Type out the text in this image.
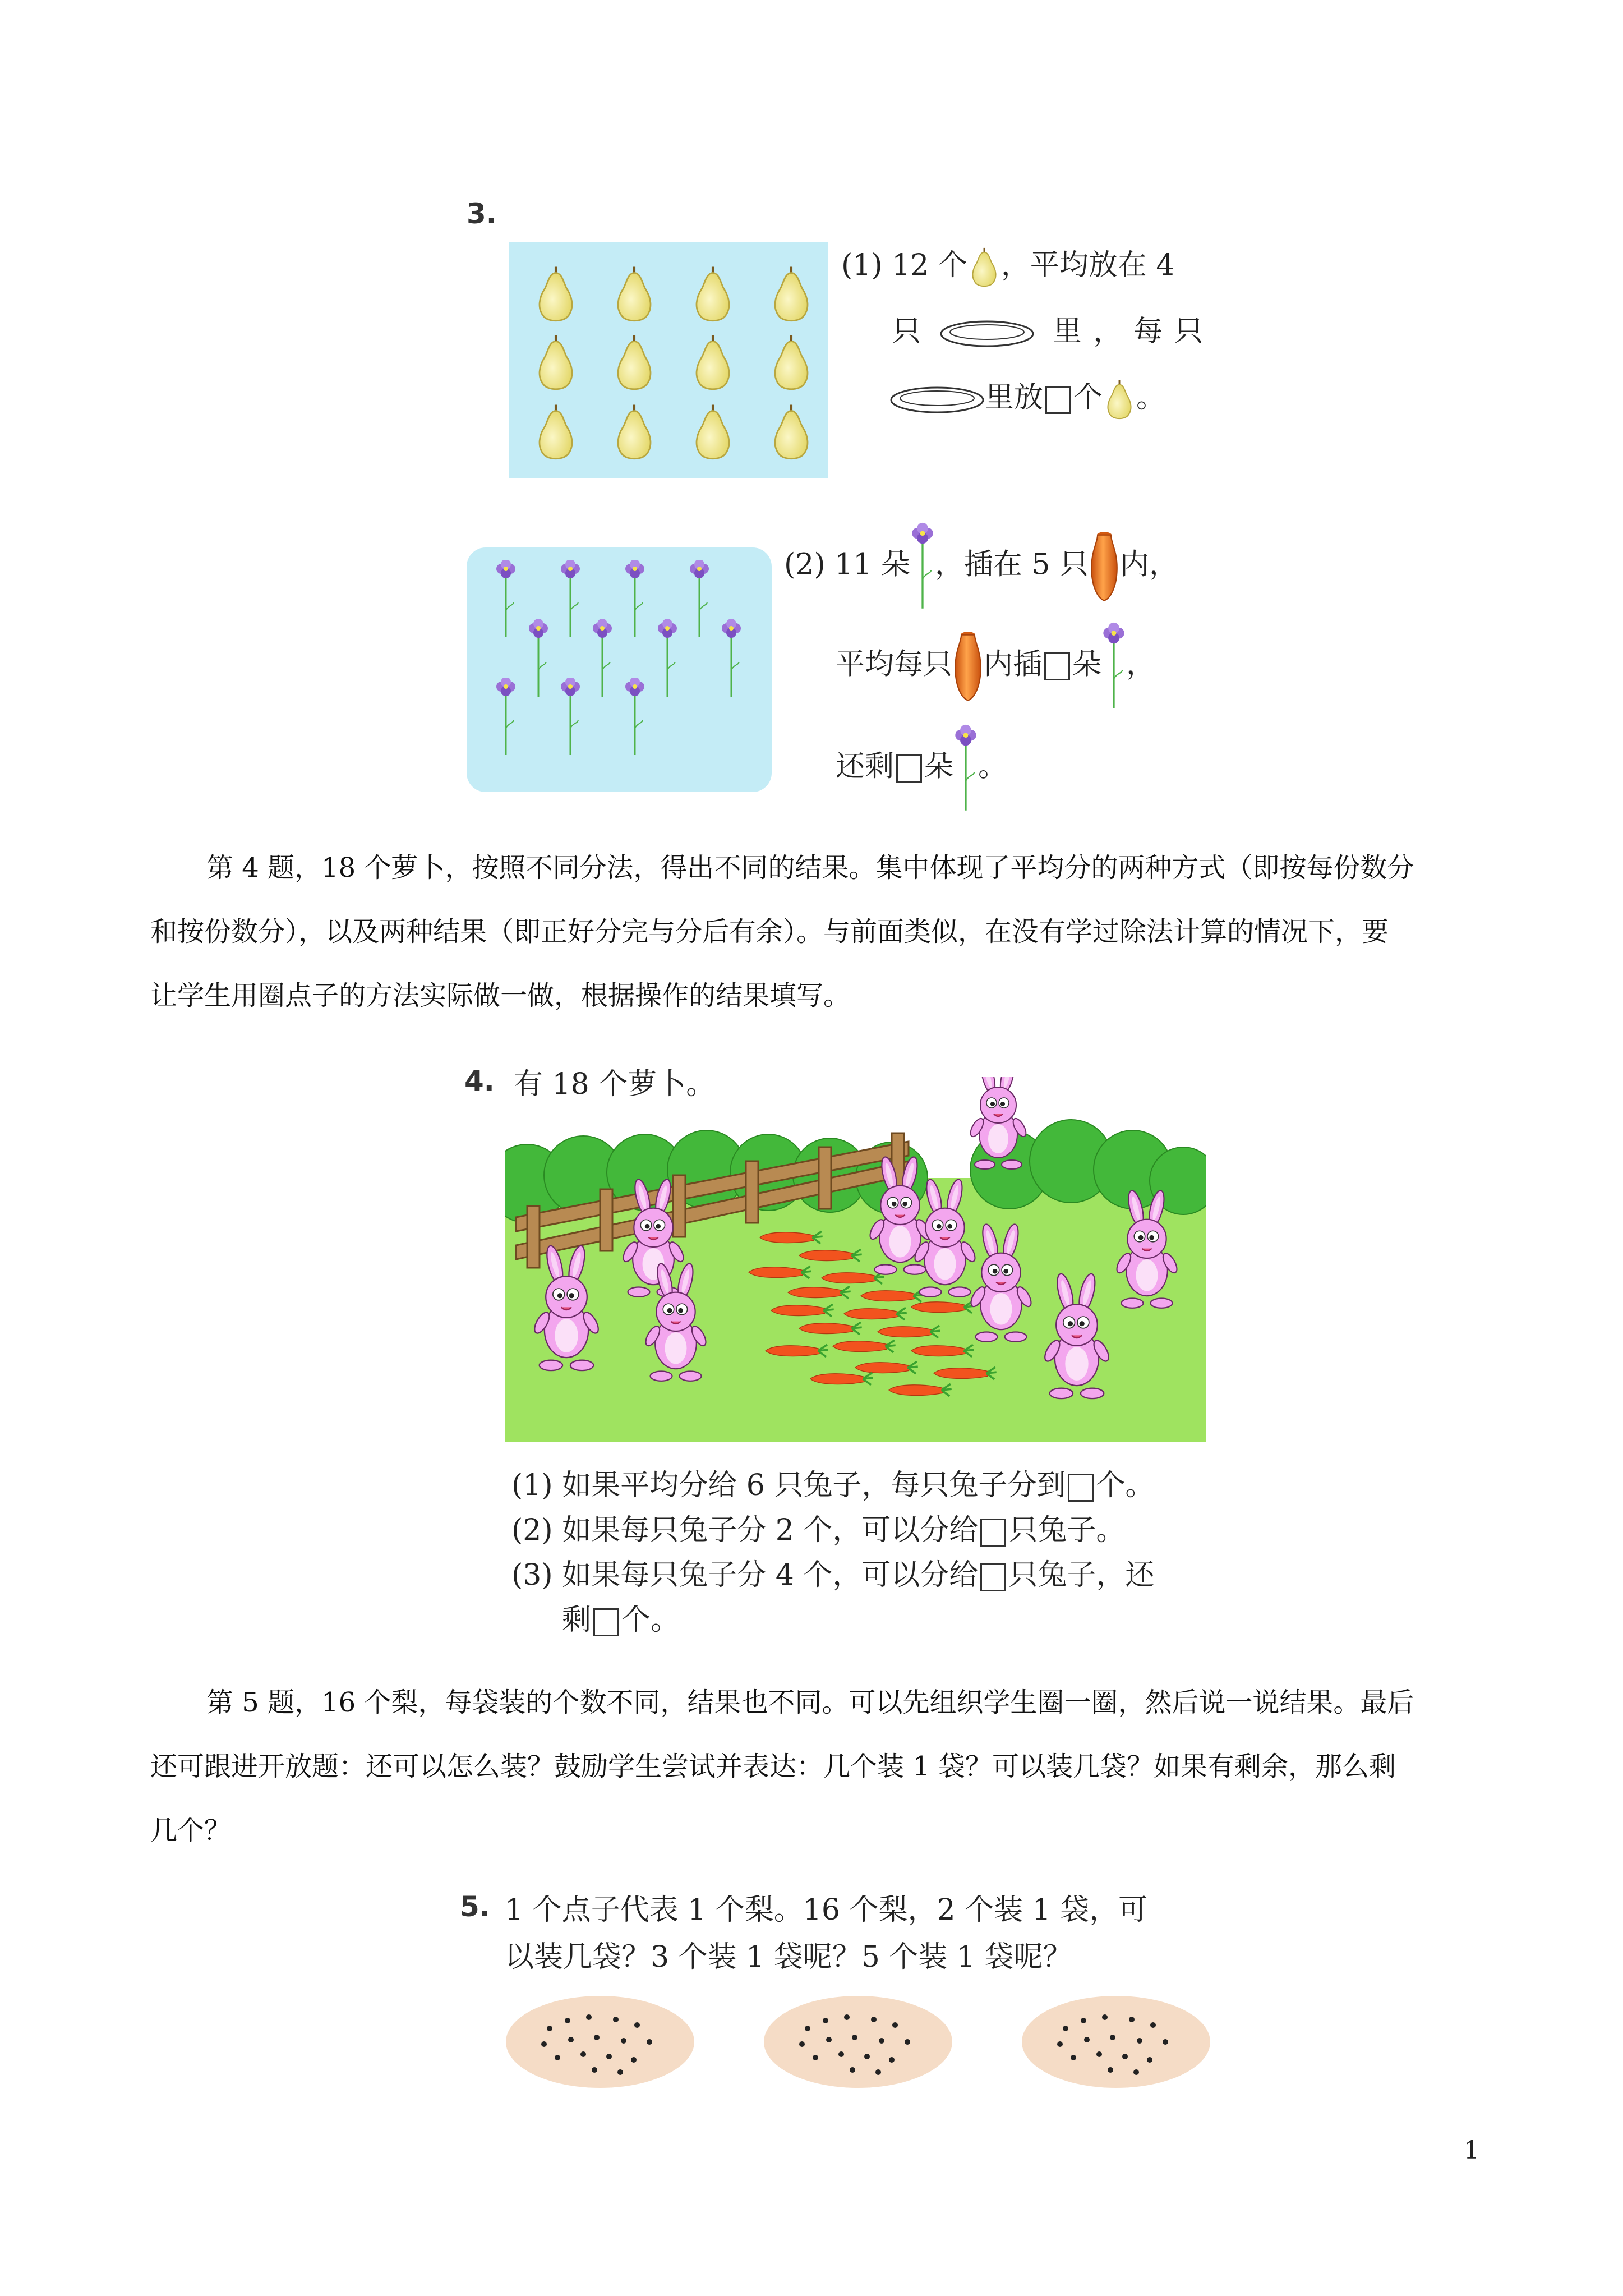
3.
(1) 12 个 ，平均放在 4
只	里，每只
里放 个 。
(2) 11 朵 ，插在 5 只 内，
平均每只 内插 朵 ，
还剩 朵 。
第 4 题，18 个萝卜，按照不同分法，得出不同的结果。集中体现了平均分的两种方式（即按每份数分
和按份数分），以及两种结果（即正好分完与分后有余）。与前面类似，在没有学过除法计算的情况下，要
让学生用圈点子的方法实际做一做，根据操作的结果填写。
4. 有 18 个萝卜。
(1) 如果平均分给 6 只兔子，每只兔子分到 个。
(2) 如果每只兔子分 2 个，可以分给 只兔子。
(3) 如果每只兔子分 4 个，可以分给 只兔子，还
剩 个。
第 5 题，16 个梨，每袋装的个数不同，结果也不同。可以先组织学生圈一圈，然后说一说结果。最后
还可跟进开放题：还可以怎么装？鼓励学生尝试并表达：几个装 1 袋？可以装几袋？如果有剩余，那么剩
几个？
5. 1 个点子代表 1 个梨。16 个梨，2 个装 1 袋，可
以装几袋？3 个装 1 袋呢？5 个装 1 袋呢？
1
